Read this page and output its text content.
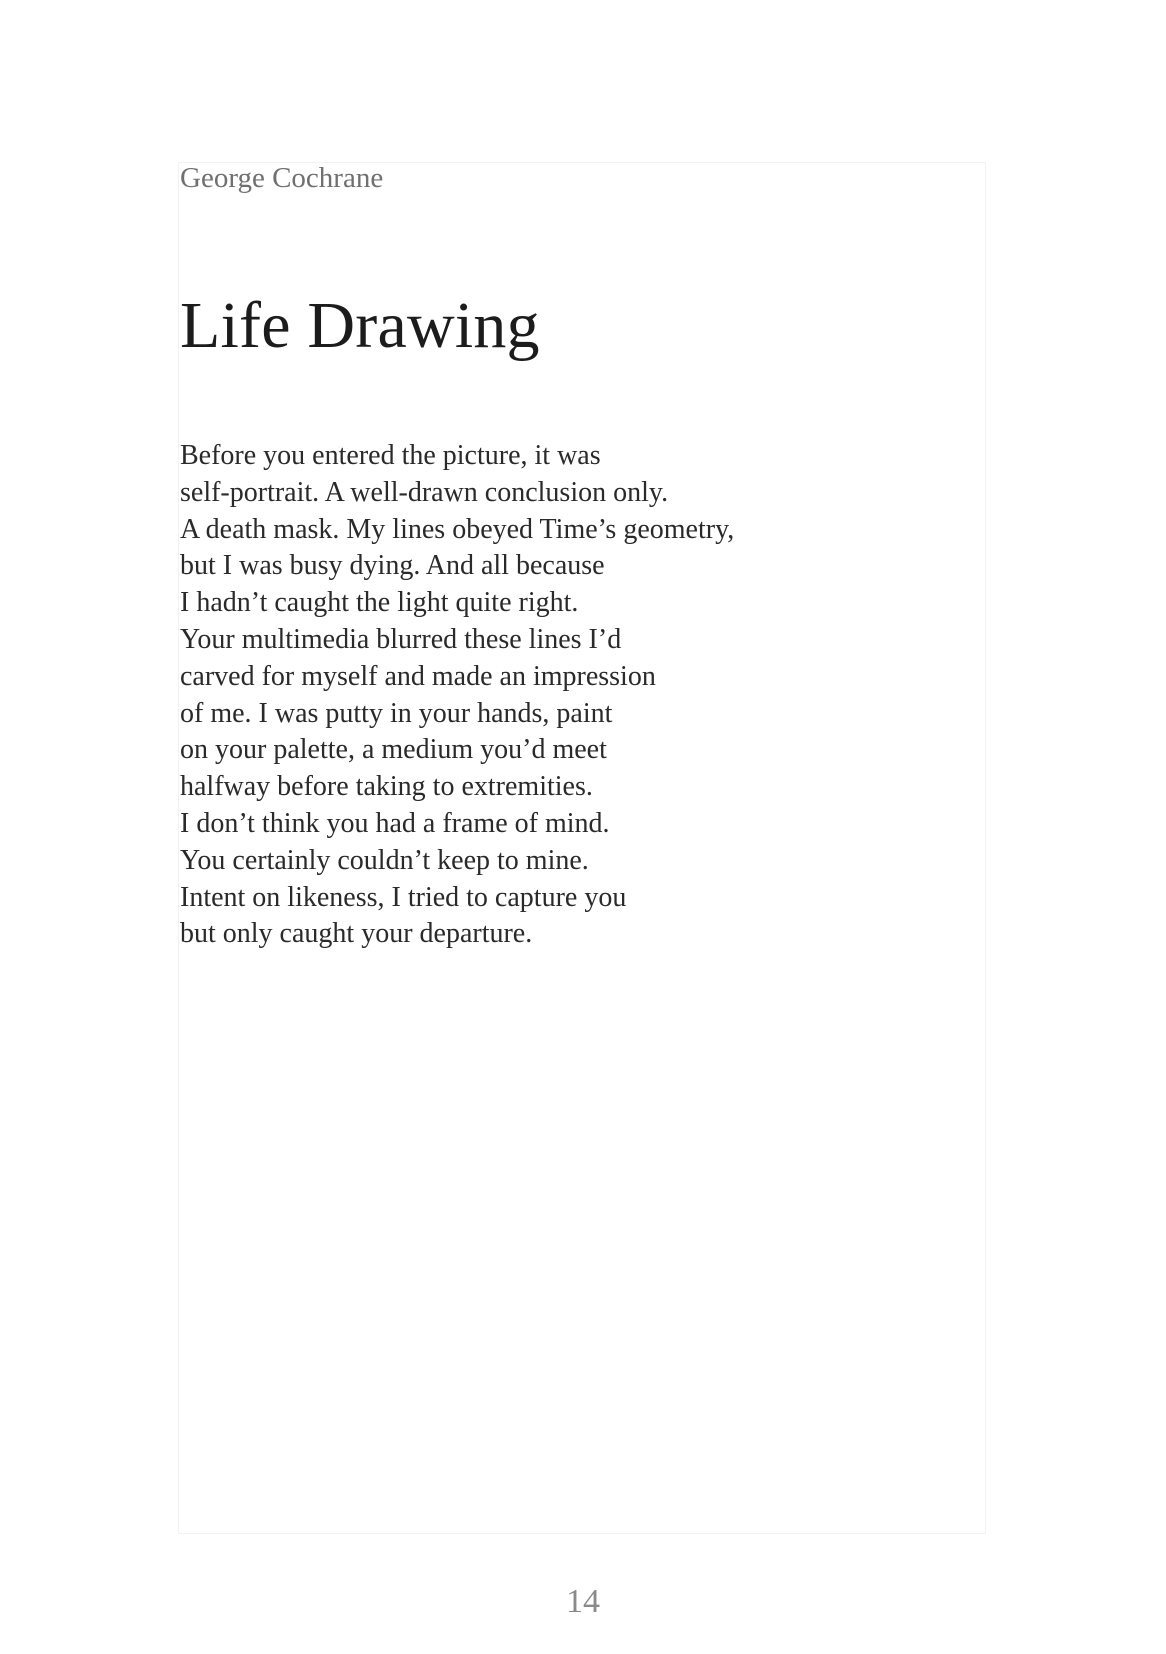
George Cochrane

Life Drawing
Before you entered the picture, it was
self-portrait. A well-drawn conclusion only.
A death mask. My lines obeyed Time’s geometry,
but I was busy dying. And all because
I hadn’t caught the light quite right.
Your multimedia blurred these lines I’d
carved for myself and made an impression
of me. I was putty in your hands, paint
on your palette, a medium you’d meet
halfway before taking to extremities.
I don’t think you had a frame of mind.
You certainly couldn’t keep to mine.
Intent on likeness, I tried to capture you
but only caught your departure.

14
